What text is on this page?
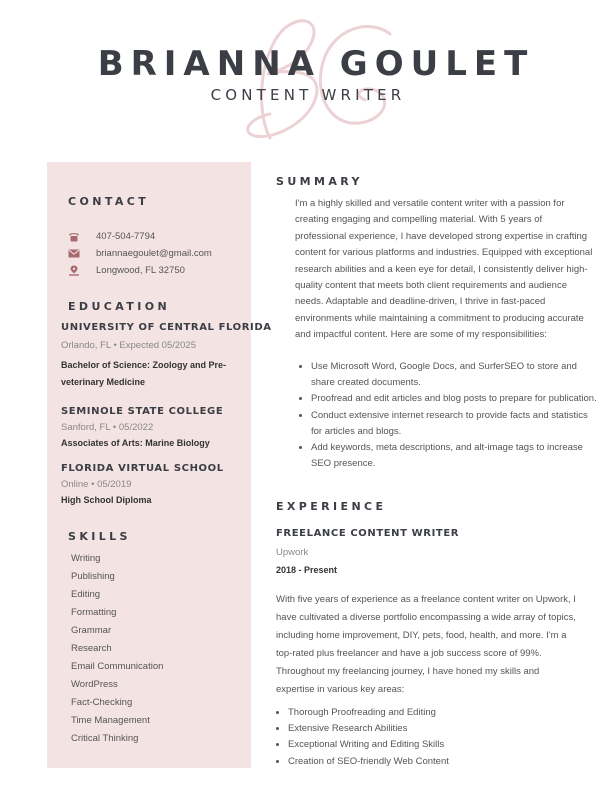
BRIANNA GOULET
CONTENT WRITER
CONTACT
407-504-7794
briannaegoulet@gmail.com
Longwood, FL 32750
EDUCATION
UNIVERSITY OF CENTRAL FLORIDA
Orlando, FL • Expected 05/2025
Bachelor of Science: Zoology and Pre-veterinary Medicine
SEMINOLE STATE COLLEGE
Sanford, FL • 05/2022
Associates of Arts: Marine Biology
FLORIDA VIRTUAL SCHOOL
Online • 05/2019
High School Diploma
SKILLS
Writing
Publishing
Editing
Formatting
Grammar
Research
Email Communication
WordPress
Fact-Checking
Time Management
Critical Thinking
SUMMARY

I'm a highly skilled and versatile content writer with a passion for creating engaging and compelling material. With 5 years of professional experience, I have developed strong expertise in crafting content for various platforms and industries. Equipped with exceptional research abilities and a keen eye for detail, I consistently deliver high-quality content that meets both client requirements and audience needs. Adaptable and deadline-driven, I thrive in fast-paced environments while maintaining a commitment to producing accurate and impactful content. Here are some of my responsibilities:

• Use Microsoft Word, Google Docs, and SurferSEO to store and share created documents.
• Proofread and edit articles and blog posts to prepare for publication.
• Conduct extensive internet research to provide facts and statistics for articles and blogs.
• Add keywords, meta descriptions, and alt-image tags to increase SEO presence.
EXPERIENCE
FREELANCE CONTENT WRITER
Upwork
2018 - Present

With five years of experience as a freelance content writer on Upwork, I have cultivated a diverse portfolio encompassing a wide array of topics, including home improvement, DIY, pets, food, health, and more. I'm a top-rated plus freelancer and have a job success score of 99%. Throughout my freelancing journey, I have honed my skills and expertise in various key areas:

• Thorough Proofreading and Editing
• Extensive Research Abilities
• Exceptional Writing and Editing Skills
• Creation of SEO-friendly Web Content
